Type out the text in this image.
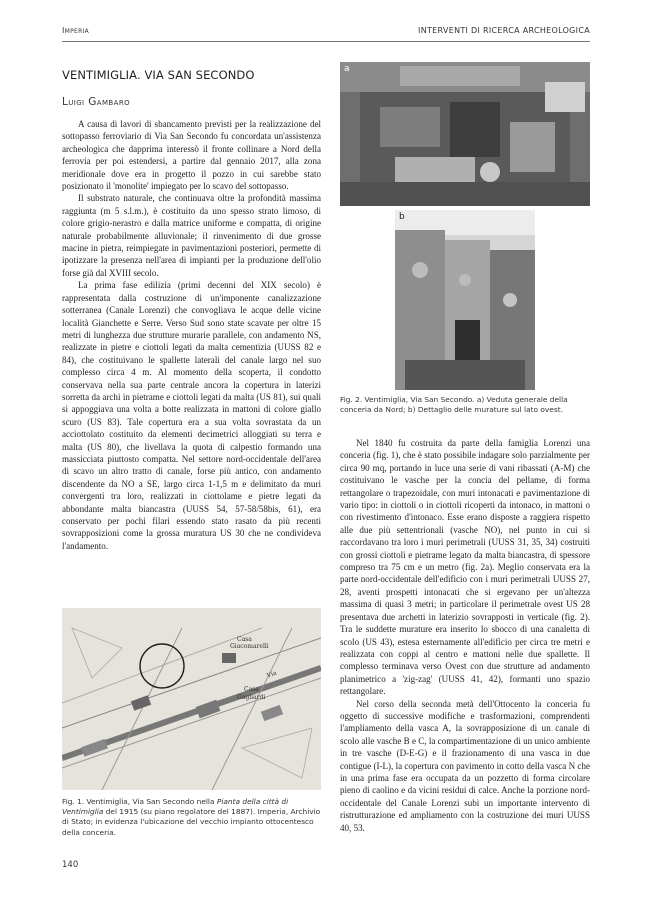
Imperia	INTERVENTI DI RICERCA ARCHEOLOGICA
VENTIMIGLIA. VIA SAN SECONDO
Luigi Gambaro

A causa di lavori di sbancamento previsti per la realizzazione del sottopasso ferroviario di Via San Secondo fu concordata un'assistenza archeologica che dapprima interessò il fronte collinare a Nord della ferrovia per poi estendersi, a partire dal gennaio 2017, alla zona meridionale dove era in progetto il pozzo in cui sarebbe stato posizionato il 'monolite' impiegato per lo scavo del sottopasso.

Il substrato naturale, che continuava oltre la profondità massima raggiunta (m 5 s.l.m.), è costituito da uno spesso strato limoso, di colore grigio-nerastro e dalla matrice uniforme e compatta, di origine naturale probabilmente alluvionale; il rinvenimento di due grosse macine in pietra, reimpiegate in pavimentazioni posteriori, permette di ipotizzare la presenza nell'area di impianti per la produzione dell'olio forse già dal XVIII secolo.

La prima fase edilizia (primi decenni del XIX secolo) è rappresentata dalla costruzione di un'imponente canalizzazione sotterranea (Canale Lorenzi) che convogliava le acque delle vicine località Gianchette e Serre. Verso Sud sono state scavate per oltre 15 metri di lunghezza due strutture murarie parallele, con andamento NS, realizzate in pietre e ciottoli legati da malta cementizia (UUSS 82 e 84), che costituivano le spallette laterali del canale largo nel suo complesso circa 4 m. Al momento della scoperta, il condotto conservava nella sua parte centrale ancora la copertura in laterizi sorretta da archi in pietrame e ciottoli legati da malta (US 81), sui quali si appoggiava una volta a botte realizzata in mattoni di colore giallo scuro (US 83). Tale copertura era a sua volta sovrastata da un acciottolato costituito da elementi decimetrici alloggiati su terra e malta (US 80), che livellava la quota di calpestio formando una massicciata piuttosto compatta. Nel settore nord-occidentale dell'area di scavo un altro tratto di canale, forse più antico, con andamento discendente da NO a SE, largo circa 1-1,5 m e delimitato da muri convergenti tra loro, realizzati in ciottolame e pietre legati da abbondante malta biancastra (UUSS 54, 57-58/58bis, 61), era conservato per pochi filari essendo stato rasato da più recenti sovrapposizioni come la grossa muratura US 30 che ne condivideva l'andamento.

a
b
Fig. 2. Ventimiglia, Via San Secondo. a) Veduta generale della conceria da Nord; b) Dettaglio delle murature sul lato ovest.

Nel 1840 fu costruita da parte della famiglia Lorenzi una conceria (fig. 1), che è stato possibile indagare solo parzialmente per circa 90 mq, portando in luce una serie di vani ribassati (A-M) che costituivano le vasche per la concia del pellame, di forma rettangolare o trapezoidale, con muri intonacati e pavimentazione di vario tipo: in ciottoli o in ciottoli ricoperti da intonaco, in mattoni o con rivestimento d'intonaco. Esse erano disposte a raggiera rispetto alle due più settentrionali (vasche NO), nel punto in cui si raccordavano tra loro i muri perimetrali (UUSS 31, 35, 34) costruiti con grossi ciottoli e pietrame legato da malta biancastra, di spessore compreso tra 75 cm e un metro (fig. 2a). Meglio conservata era la parte nord-occidentale dell'edificio con i muri perimetrali UUSS 27, 28, aventi prospetti intonacati che si ergevano per un'altezza massima di quasi 3 metri; in particolare il perimetrale ovest US 28 presentava due archetti in laterizio sovrapposti in verticale (fig. 2). Tra le suddette murature era inserito lo sbocco di una canaletta di scolo (US 43), estesa esternamente all'edificio per circa tre metri e realizzata con coppi al centro e mattoni nelle due spallette. Il complesso terminava verso Ovest con due strutture ad andamento planimetrico a 'zig-zag' (UUSS 41, 42), formanti uno spazio rettangolare.

Nel corso della seconda metà dell'Ottocento la conceria fu oggetto di successive modifiche e trasformazioni, comprendenti l'ampliamento della vasca A, la sovrapposizione di un canale di scolo alle vasche B e C, la compartimentazione di un unico ambiente in tre vasche (D-E-G) e il frazionamento di una vasca in due contigue (I-L), la copertura con pavimento in cotto della vasca N che in una prima fase era occupata da un pozzetto di forma circolare pieno di caolino e da vicini residui di calce. Anche la porzione nord-occidentale del Canale Lorenzi subì un importante intervento di ristrutturazione ed ampliamento con la costruzione dei muri UUSS 40, 53.

Casa
Giacomarelli
Casa
Gagliardi
Via
Fig. 1. Ventimiglia, Via San Secondo nella Pianta della città di Ventimiglia del 1915 (su piano regolatore del 1887). Imperia, Archivio di Stato; in evidenza l'ubicazione del vecchio impianto ottocentesco della conceria.
140
